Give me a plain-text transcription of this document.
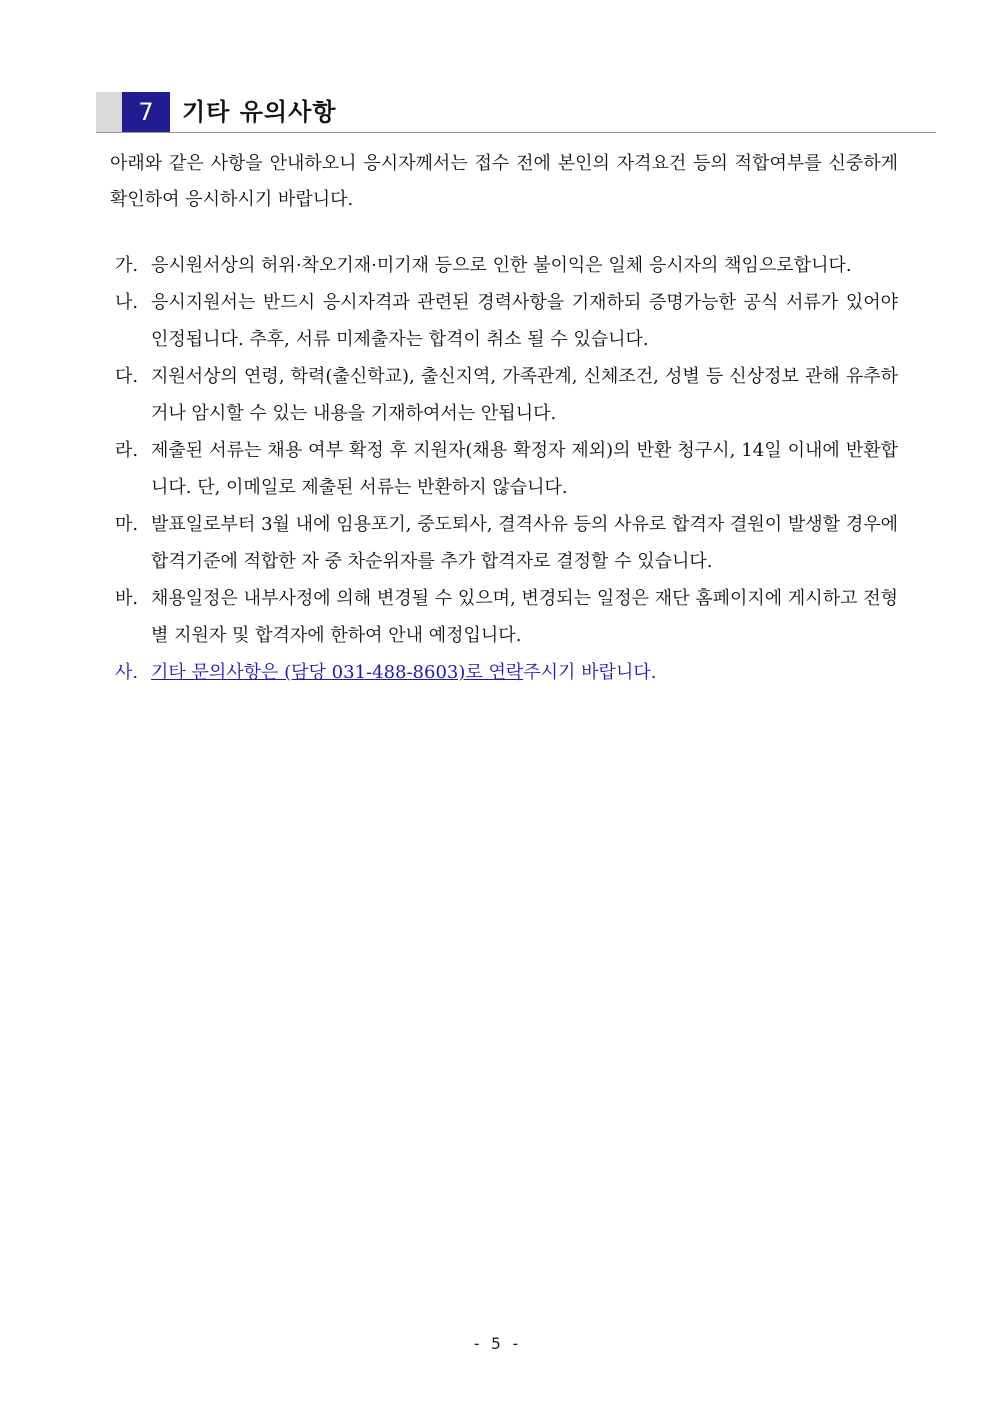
7	기타 유의사항
아래와 같은 사항을 안내하오니 응시자께서는 접수 전에 본인의 자격요건 등의 적합여부를 신중하게 확인하여 응시하시기 바랍니다.
가. 응시원서상의 허위·착오기재·미기재 등으로 인한 불이익은 일체 응시자의 책임으로합니다.
나. 응시지원서는 반드시 응시자격과 관련된 경력사항을 기재하되 증명가능한 공식 서류가 있어야 인정됩니다. 추후, 서류 미제출자는 합격이 취소 될 수 있습니다.
다. 지원서상의 연령, 학력(출신학교), 출신지역, 가족관계, 신체조건, 성별 등 신상정보 관해 유추하거나 암시할 수 있는 내용을 기재하여서는 안됩니다.
라. 제출된 서류는 채용 여부 확정 후 지원자(채용 확정자 제외)의 반환 청구시, 14일 이내에 반환합니다. 단, 이메일로 제출된 서류는 반환하지 않습니다.
마. 발표일로부터 3월 내에 임용포기, 중도퇴사, 결격사유 등의 사유로 합격자 결원이 발생할 경우에 합격기준에 적합한 자 중 차순위자를 추가 합격자로 결정할 수 있습니다.
바. 채용일정은 내부사정에 의해 변경될 수 있으며, 변경되는 일정은 재단 홈페이지에 게시하고 전형별 지원자 및 합격자에 한하여 안내 예정입니다.
사. 기타 문의사항은 (담당 031-488-8603)로 연락주시기 바랍니다.
- 5 -
